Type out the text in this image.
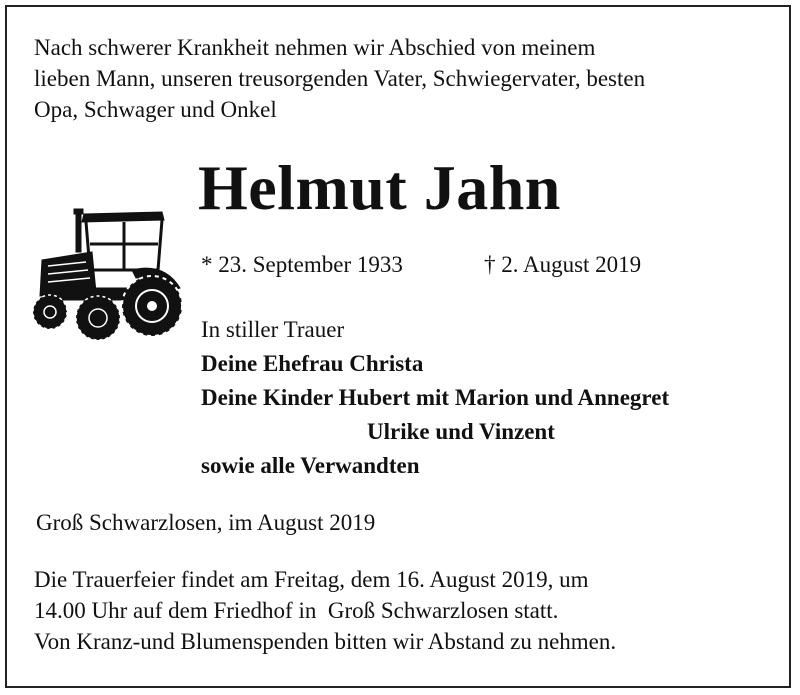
Nach schwerer Krankheit nehmen wir Abschied von meinem
lieben Mann, unseren treusorgenden Vater, Schwiegervater, besten
Opa, Schwager und Onkel

Helmut Jahn
* 23. September 1933	† 2. August 2019
In stiller Trauer
Deine Ehefrau Christa
Deine Kinder Hubert mit Marion und Annegret
Ulrike und Vinzent
sowie alle Verwandten
Groß Schwarzlosen, im August 2019

Die Trauerfeier findet am Freitag, dem 16. August 2019, um
14.00 Uhr auf dem Friedhof in  Groß Schwarzlosen statt.
Von Kranz-und Blumenspenden bitten wir Abstand zu nehmen.
